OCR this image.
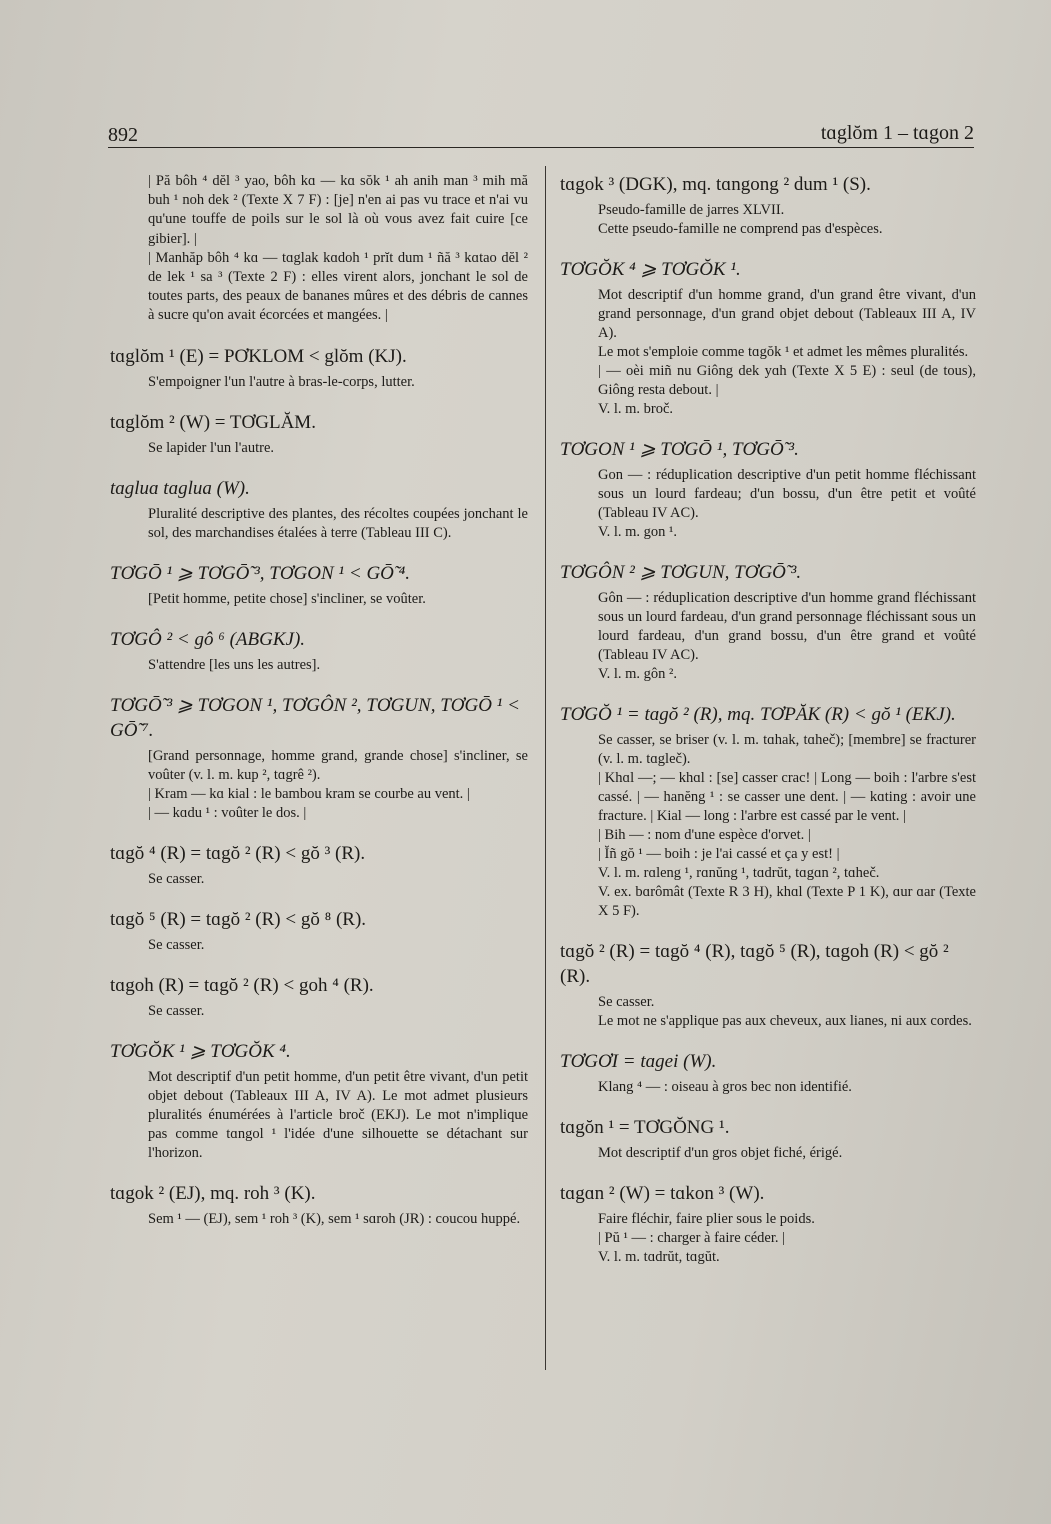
892	tɑglŏm 1 – tɑgon 2
| Pă bôh ⁴ dĕl ³ yao, bôh kɑ — kɑ sŏk ¹ ah anih man ³ mih mă buh ¹ noh dek ² (Texte X 7 F) : [je] n'en ai pas vu trace et n'ai vu qu'une touffe de poils sur le sol là où vous avez fait cuire [ce gibier]. |
| Manhăp bôh ⁴ kɑ — tɑglak kɑdoh ¹ prĭt dum ¹ ñă ³ kɑtao dĕl ² de lek ¹ sa ³ (Texte 2 F) : elles virent alors, jonchant le sol de toutes parts, des peaux de bananes mûres et des débris de cannes à sucre qu'on avait écorcées et mangées. |
tɑglŏm ¹ (E) = PƠKLOM < glŏm (KJ).
S'empoigner l'un l'autre à bras-le-corps, lutter.
tɑglŏm ² (W) = TƠGLĂM.
Se lapider l'un l'autre.
tɑgluɑ tɑglua (W).
Pluralité descriptive des plantes, des récoltes coupées jonchant le sol, des marchandises étalées à terre (Tableau III C).
TƠGŌ ¹ ⩾ TƠGŌ̃ ³, TƠGON ¹ < GŌ̃ ⁴.
[Petit homme, petite chose] s'incliner, se voûter.
TƠGÔ ² < gô ⁶ (ABGKJ).
S'attendre [les uns les autres].
TƠGŌ̃ ³ ⩾ TƠGON ¹, TƠGÔN ², TƠGUN, TƠGŌ ¹ < GŌ̃ ⁷.
[Grand personnage, homme grand, grande chose] s'incliner, se voûter (v. l. m. kup ², tɑgrê ²).
| Kram — kɑ kial : le bambou kram se courbe au vent. |
| — kɑdu ¹ : voûter le dos. |
tɑgŏ ⁴ (R) = tɑgŏ ² (R) < gŏ ³ (R).
Se casser.
tɑgŏ ⁵ (R) = tɑgŏ ² (R) < gŏ ⁸ (R).
Se casser.
tɑgoh (R) = tɑgŏ ² (R) < goh ⁴ (R).
Se casser.
TƠGŎK ¹ ⩾ TƠGŎK ⁴.
Mot descriptif d'un petit homme, d'un petit être vivant, d'un petit objet debout (Tableaux III A, IV A). Le mot admet plusieurs pluralités énumérées à l'article broč (EKJ). Le mot n'implique pas comme tɑngol ¹ l'idée d'une silhouette se détachant sur l'horizon.
tɑgok ² (EJ), mq. roh ³ (K).
Sem ¹ — (EJ), sem ¹ roh ³ (K), sem ¹ sɑroh (JR) : coucou huppé.
tɑgok ³ (DGK), mq. tɑngong ² dum ¹ (S).
Pseudo-famille de jarres XLVII.
Cette pseudo-famille ne comprend pas d'espèces.
TƠGŎK ⁴ ⩾ TƠGŎK ¹.
Mot descriptif d'un homme grand, d'un grand être vivant, d'un grand personnage, d'un grand objet debout (Tableaux III A, IV A).
Le mot s'emploie comme tɑgŏk ¹ et admet les mêmes pluralités.
| — oèi miñ nu Giông dek yɑh (Texte X 5 E) : seul (de tous), Giông resta debout. |
V. l. m. broč.
TƠGON ¹ ⩾ TƠGŌ ¹, TƠGŌ̃ ³.
Gon — : réduplication descriptive d'un petit homme fléchissant sous un lourd fardeau; d'un bossu, d'un être petit et voûté (Tableau IV AC).
V. l. m. gon ¹.
TƠGÔN ² ⩾ TƠGUN, TƠGŌ̃ ³.
Gôn — : réduplication descriptive d'un homme grand fléchissant sous un lourd fardeau, d'un grand personnage fléchissant sous un lourd fardeau, d'un grand bossu, d'un être grand et voûté (Tableau IV AC).
V. l. m. gôn ².
TƠGŎ ¹ = tɑgŏ ² (R), mq. TƠPĂK (R) < gŏ ¹ (EKJ).
Se casser, se briser (v. l. m. tɑhak, tɑheč); [membre] se fracturer (v. l. m. tɑgleč).
| Khɑl —; — khɑl : [se] casser crac! | Long — boih : l'arbre s'est cassé. | — hanĕng ¹ : se casser une dent. | — kɑting : avoir une fracture. | Kial — long : l'arbre est cassé par le vent. |
| Bih — : nom d'une espèce d'orvet. |
| Ĭñ gŏ ¹ — boih : je l'ai cassé et ça y est! |
V. l. m. rɑleng ¹, rɑnŭng ¹, tɑdrŭt, tɑgɑn ², tɑheč.
V. ex. bɑrômât (Texte R 3 H), khɑl (Texte P 1 K), ɑur ɑar (Texte X 5 F).
tɑgŏ ² (R) = tɑgŏ ⁴ (R), tɑgŏ ⁵ (R), tɑgoh (R) < gŏ ² (R).
Se casser.
Le mot ne s'applique pas aux cheveux, aux lianes, ni aux cordes.
TƠGƠI = tɑgei (W).
Klang ⁴ — : oiseau à gros bec non identifié.
tɑgŏn ¹ = TƠGŎNG ¹.
Mot descriptif d'un gros objet fiché, érigé.
tɑgɑn ² (W) = tɑkon ³ (W).
Faire fléchir, faire plier sous le poids.
| Pŭ ¹ — : charger à faire céder. |
V. l. m. tɑdrŭt, tɑgŭt.
